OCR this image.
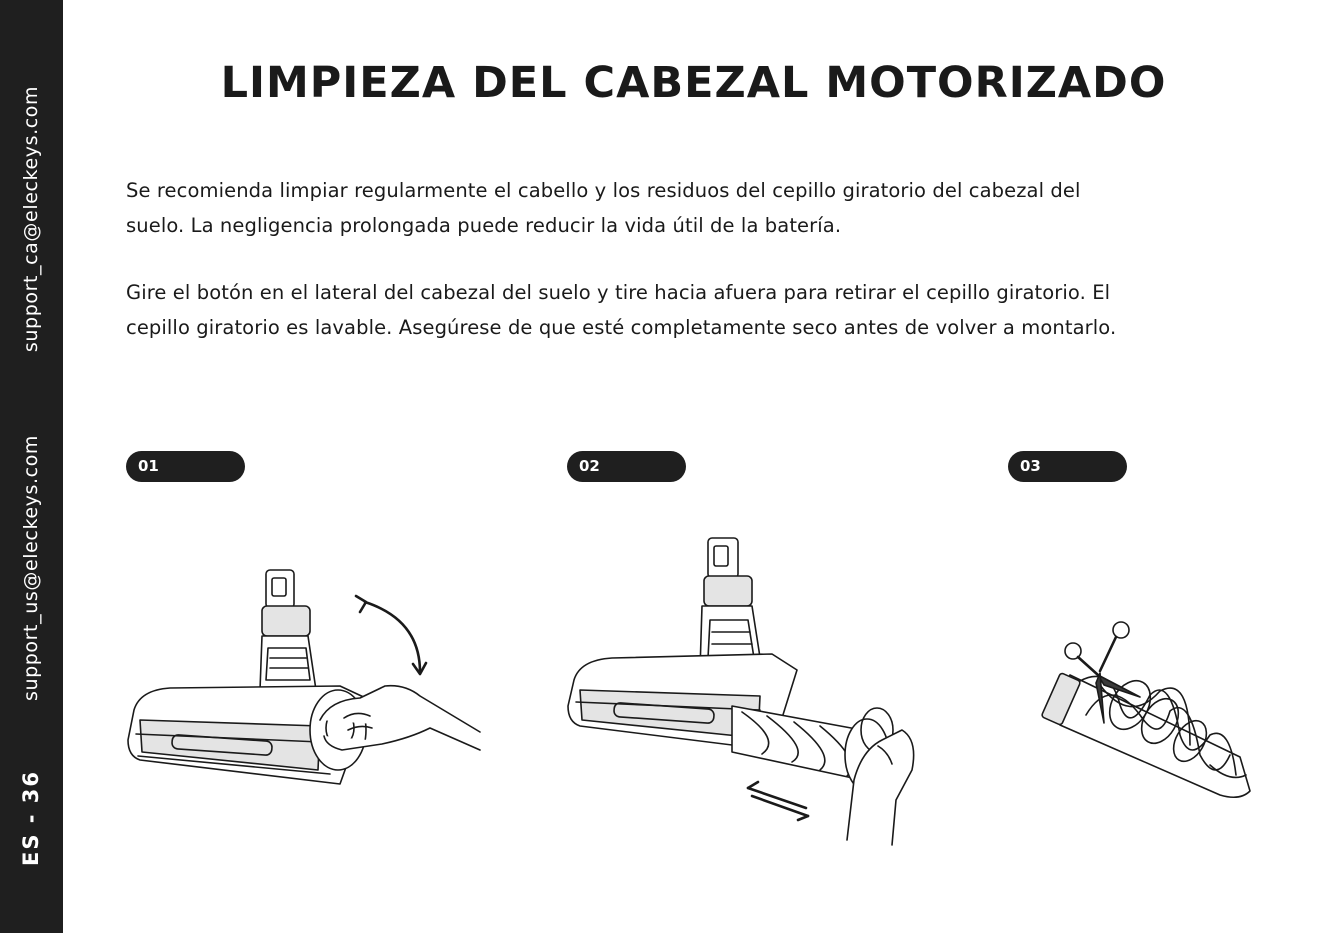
support_ca@eleckeys.com
support_us@eleckeys.com
ES - 36
LIMPIEZA DEL CABEZAL MOTORIZADO
Se recomienda limpiar regularmente el cabello y los residuos del cepillo giratorio del cabezal del
suelo. La negligencia prolongada puede reducir la vida útil de la batería.
Gire el botón en el lateral del cabezal del suelo y tire hacia afuera para retirar el cepillo giratorio. El
cepillo giratorio es lavable. Asegúrese de que esté completamente seco antes de volver a montarlo.
01	02	03
